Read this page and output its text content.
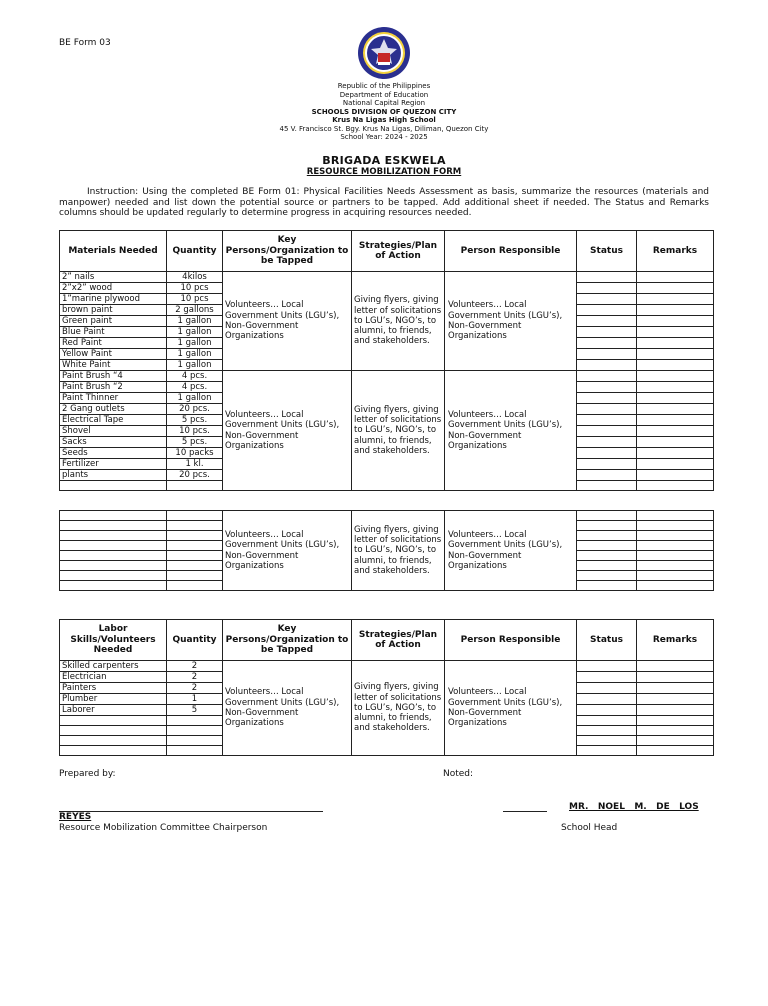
BE Form 03
Republic of the Philippines
Department of Education
National Capital Region
SCHOOLS DIVISION OF QUEZON CITY
Krus Na Ligas High School
45 V. Francisco St. Bgy. Krus Na Ligas, Diliman, Quezon City
School Year: 2024 - 2025
BRIGADA ESKWELA
RESOURCE MOBILIZATION FORM
Instruction: Using the completed BE Form 01: Physical Facilities Needs Assessment as basis, summarize the resources (materials and manpower) needed and list down the potential source or partners to be tapped. Add additional sheet if needed. The Status and Remarks columns should be updated regularly to determine progress in acquiring resources needed.
Materials Needed	Quantity	Key Persons/Organization to be Tapped	Strategies/Plan of Action	Person Responsible	Status	Remarks
2” nails	4kilos	Volunteers… Local Government Units (LGU’s), Non-Government Organizations	Giving flyers, giving letter of solicitations to LGU’s, NGO’s, to alumni, to friends, and stakeholders.	Volunteers… Local Government Units (LGU’s), Non-Government Organizations		
2”x2” wood	10 pcs					
1”marine plywood	10 pcs					
brown paint	2 gallons					
Green paint	1 gallon					
Blue Paint	1 gallon					
Red Paint	1 gallon					
Yellow Paint	1 gallon					
White Paint	1 gallon					
Paint Brush “4	4 pcs.	Volunteers… Local Government Units (LGU’s), Non-Government Organizations	Giving flyers, giving letter of solicitations to LGU’s, NGO’s, to alumni, to friends, and stakeholders.	Volunteers… Local Government Units (LGU’s), Non-Government Organizations		
Paint Brush “2	4 pcs.					
Paint Thinner	1 gallon					
2 Gang outlets	20 pcs.					
Electrical Tape	5 pcs.					
Shovel	10 pcs.					
Sacks	5 pcs.					
Seeds	10 packs					
Fertilizer	1 kl.					
plants	20 pcs.					

		Volunteers… Local Government Units (LGU’s), Non-Government Organizations	Giving flyers, giving letter of solicitations to LGU’s, NGO’s, to alumni, to friends, and stakeholders.	Volunteers… Local Government Units (LGU’s), Non-Government Organizations		

Labor Skills/Volunteers Needed	Quantity	Key Persons/Organization to be Tapped	Strategies/Plan of Action	Person Responsible	Status	Remarks
Skilled carpenters	2	Volunteers… Local Government Units (LGU’s), Non-Government Organizations	Giving flyers, giving letter of solicitations to LGU’s, NGO’s, to alumni, to friends, and stakeholders.	Volunteers… Local Government Units (LGU’s), Non-Government Organizations		
Electrician	2					
Painters	2					
Plumber	1					
Laborer	5					

Prepared by:	Noted:
MR.   NOEL   M.   DE   LOS
REYES
Resource Mobilization Committee Chairperson	School Head
